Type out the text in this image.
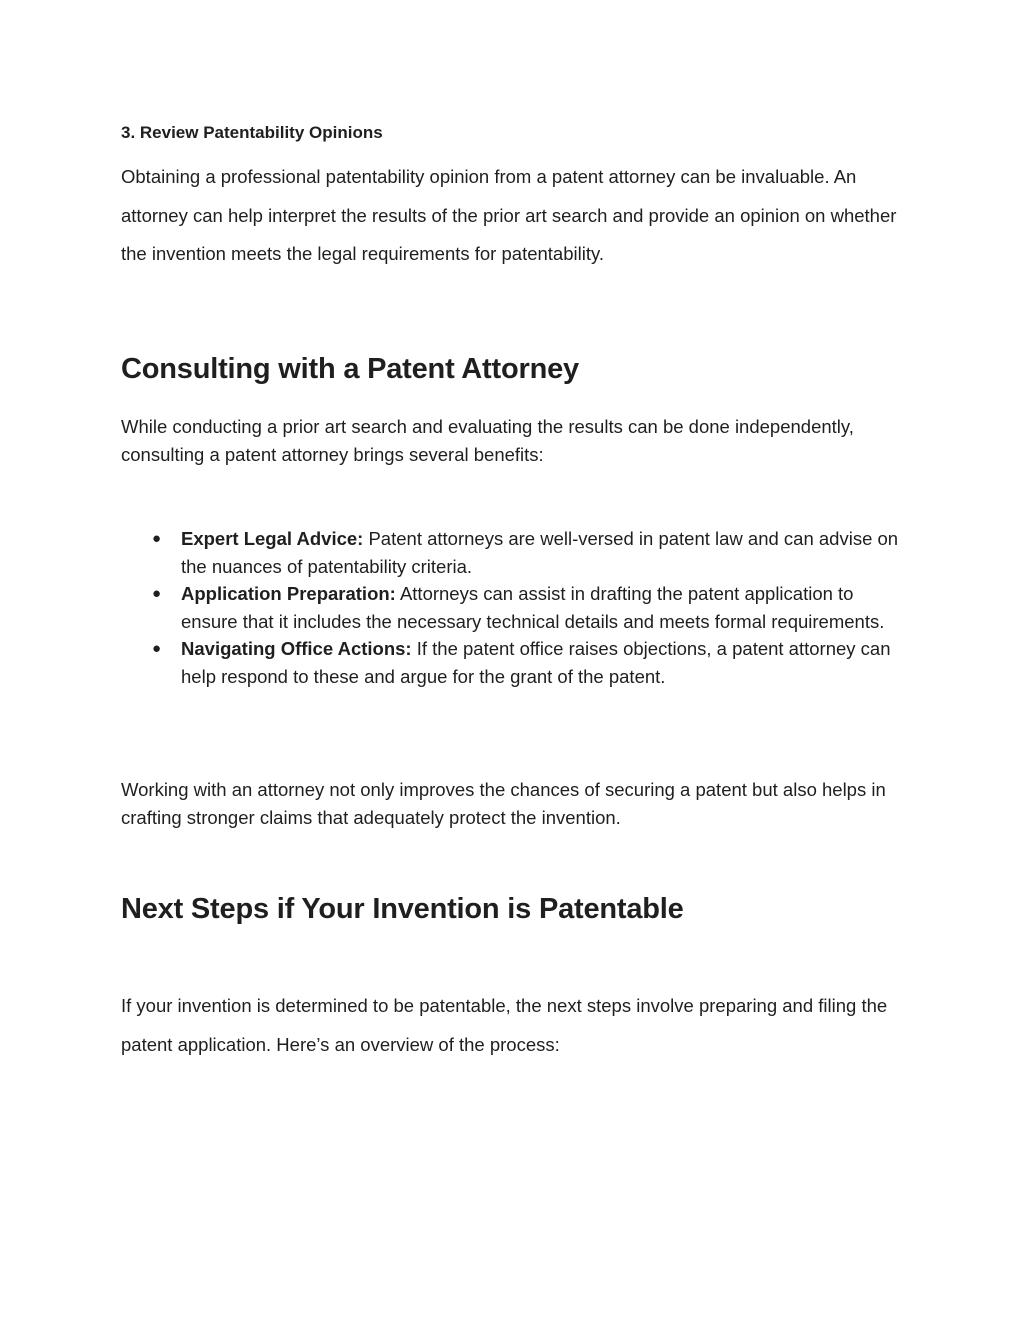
3. Review Patentability Opinions

Obtaining a professional patentability opinion from a patent attorney can be invaluable. An attorney can help interpret the results of the prior art search and provide an opinion on whether the invention meets the legal requirements for patentability.

Consulting with a Patent Attorney

While conducting a prior art search and evaluating the results can be done independently, consulting a patent attorney brings several benefits:

● Expert Legal Advice: Patent attorneys are well-versed in patent law and can advise on the nuances of patentability criteria.
● Application Preparation: Attorneys can assist in drafting the patent application to ensure that it includes the necessary technical details and meets formal requirements.
● Navigating Office Actions: If the patent office raises objections, a patent attorney can help respond to these and argue for the grant of the patent.

Working with an attorney not only improves the chances of securing a patent but also helps in crafting stronger claims that adequately protect the invention.

Next Steps if Your Invention is Patentable

If your invention is determined to be patentable, the next steps involve preparing and filing the patent application. Here’s an overview of the process:
